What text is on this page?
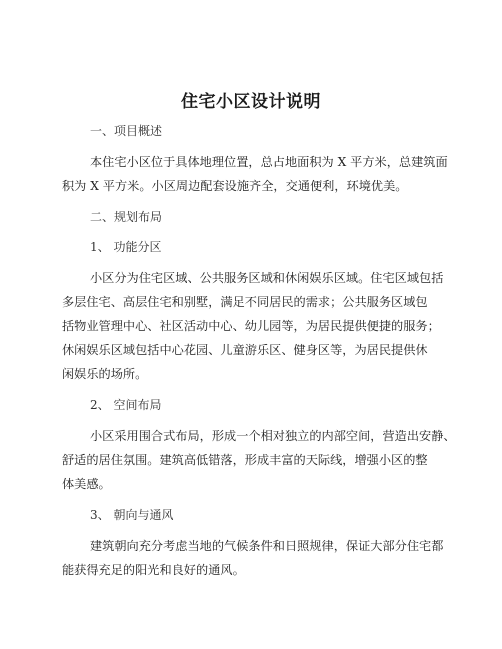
住宅小区设计说明
一、项目概述
本住宅小区位于具体地理位置，总占地面积为 X 平方米，总建筑面
积为 X 平方米。小区周边配套设施齐全，交通便利，环境优美。
二、规划布局
1、 功能分区
小区分为住宅区域、公共服务区域和休闲娱乐区域。住宅区域包括
多层住宅、高层住宅和别墅，满足不同居民的需求；公共服务区域包
括物业管理中心、社区活动中心、幼儿园等，为居民提供便捷的服务；
休闲娱乐区域包括中心花园、儿童游乐区、健身区等，为居民提供休
闲娱乐的场所。
2、 空间布局
小区采用围合式布局，形成一个相对独立的内部空间，营造出安静、
舒适的居住氛围。建筑高低错落，形成丰富的天际线，增强小区的整
体美感。
3、 朝向与通风
建筑朝向充分考虑当地的气候条件和日照规律，保证大部分住宅都
能获得充足的阳光和良好的通风。
